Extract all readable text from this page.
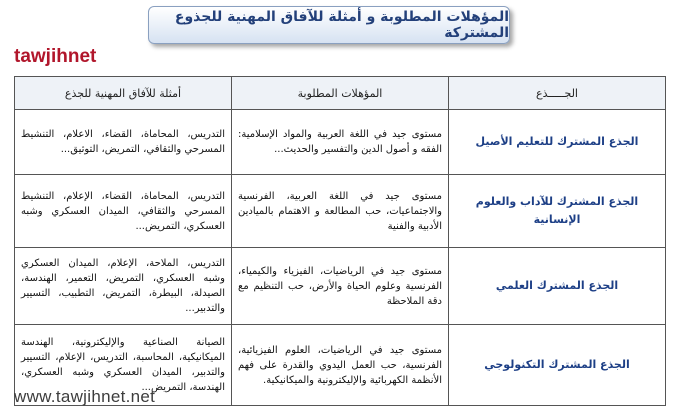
المؤهلات المطلوبة و أمثلة للآفاق المهنية للجذوع المشتركة
tawjihnet
الجـــــذع	المؤهلات المطلوبة	أمثلة للآفاق المهنية للجذع
الجذع المشترك للتعليم الأصيل	مستوى جيد في اللغة العربية والمواد الإسلامية: الفقه و أصول الدين والتفسير والحديث...	التدريس، المحاماة، القضاء، الاعلام، التنشيط المسرحي والثقافي، التمريض، التوثيق...
الجذع المشترك للآداب والعلوم الإنسانية	مستوى جيد في اللغة العربية، الفرنسية والاجتماعيات، حب المطالعة و الاهتمام بالميادين الأدبية والفنية	التدريس، المحاماة، القضاء، الإعلام، التنشيط المسرحي والثقافي، الميدان العسكري وشبه العسكري، التمريض...
الجذع المشترك العلمي	مستوى جيد في الرياضيات، الفيزياء والكيمياء، الفرنسية وعلوم الحياة والأرض، حب التنظيم مع دقة الملاحظة	التدريس، الملاحة، الإعلام، الميدان العسكري وشبه العسكري، التمريض، التعمير، الهندسة، الصيدلة، البيطرة، التمريض، التطبيب، التسيير والتدبير...
الجذع المشترك التكنولوجي	مستوى جيد في الرياضيات، العلوم الفيزيائية، الفرنسية، حب العمل اليدوي والقدرة على فهم الأنظمة الكهربائية والإليكترونية والميكانيكية.	الصيانة الصناعية والإليكترونية، الهندسة الميكانيكية، المحاسبة، التدريس، الإعلام، التسيير والتدبير، الميدان العسكري وشبه العسكري، الهندسة، التمريض...
www.tawjihnet.net
